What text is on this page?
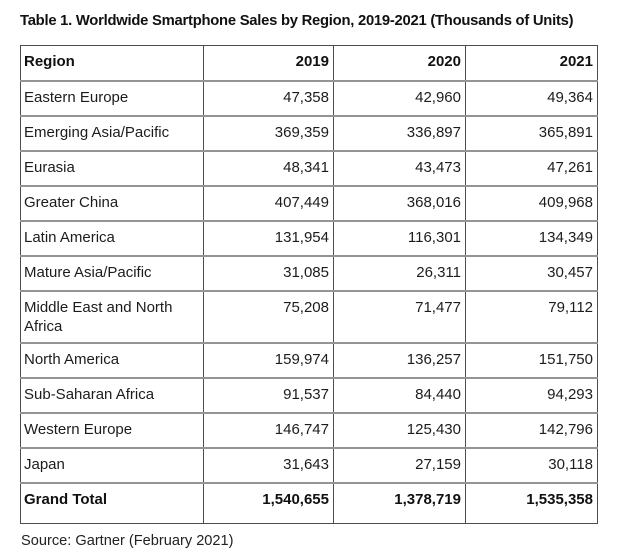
Table 1. Worldwide Smartphone Sales by Region, 2019-2021 (Thousands of Units)
Region	2019	2020	2021
Eastern Europe	47,358	42,960	49,364
Emerging Asia/Pacific	369,359	336,897	365,891
Eurasia	48,341	43,473	47,261
Greater China	407,449	368,016	409,968
Latin America	131,954	116,301	134,349
Mature Asia/Pacific	31,085	26,311	30,457
Middle East and North Africa	75,208	71,477	79,112
North America	159,974	136,257	151,750
Sub-Saharan Africa	91,537	84,440	94,293
Western Europe	146,747	125,430	142,796
Japan	31,643	27,159	30,118
Grand Total	1,540,655	1,378,719	1,535,358
Source: Gartner (February 2021)
